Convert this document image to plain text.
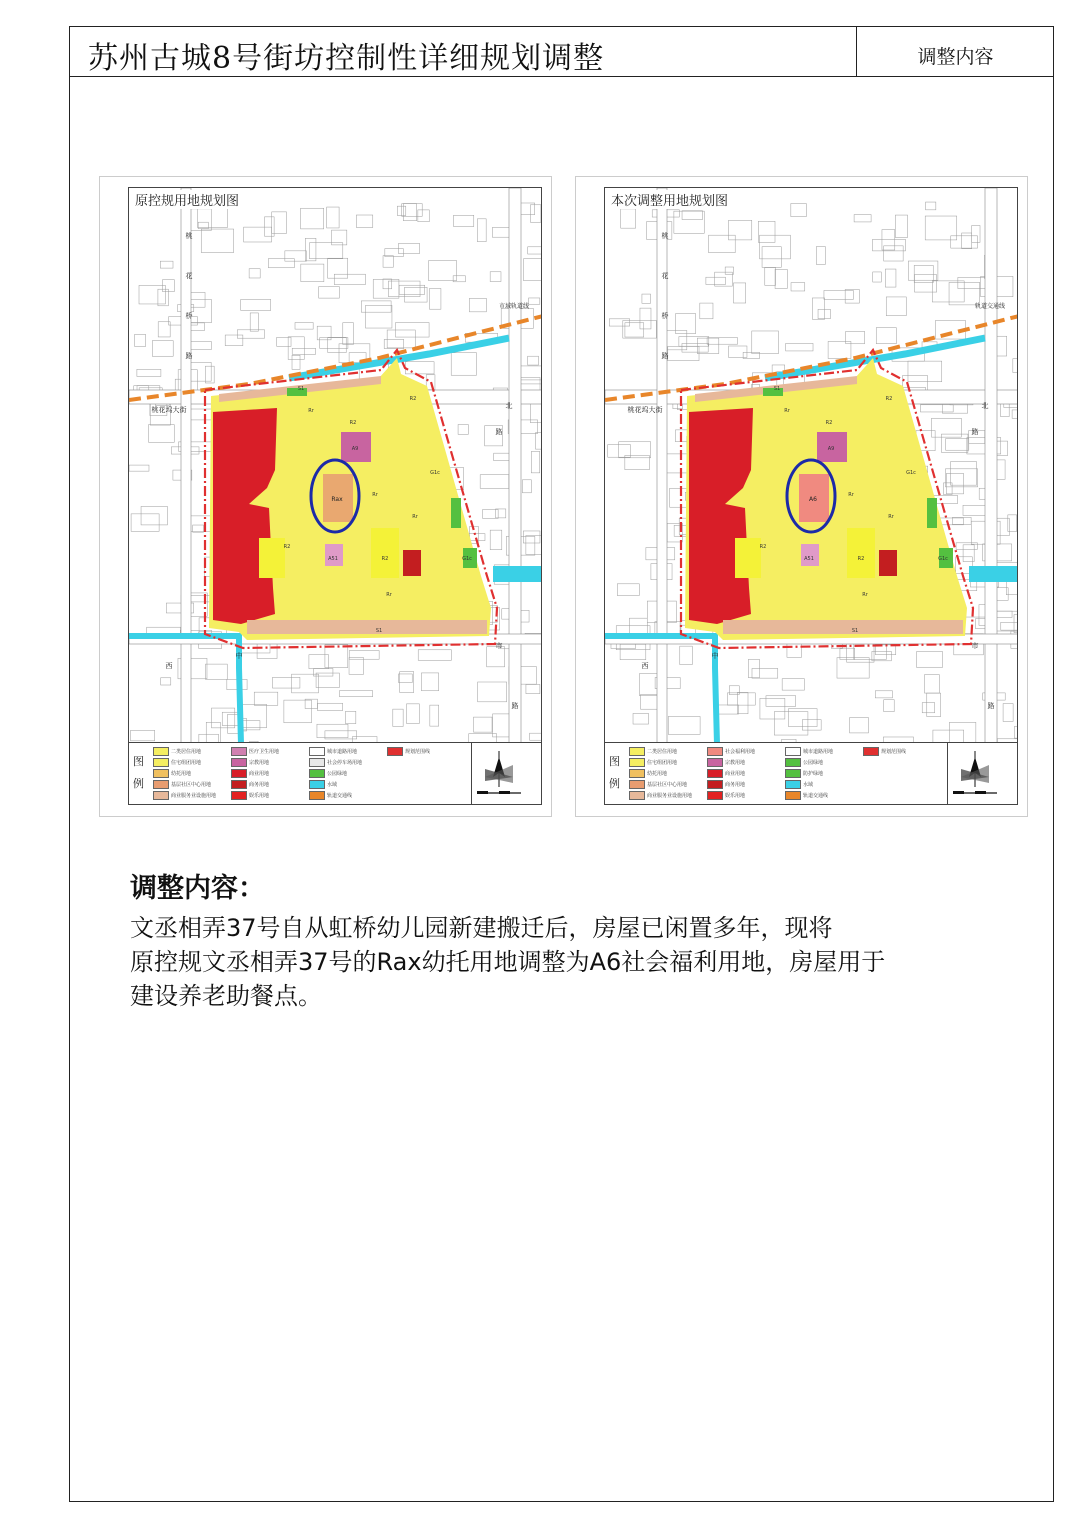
苏州古城8号街坊控制性详细规划调整	调整内容
原控规用地规划图
市域轨道线
Rax
R2
Rr
A9
R2
Rr
A51
R2
R2
Rr
Rr
G1c
S1
S1
G1c
桃
花
桥
路
桃花坞大街
西
中
市
路
北
路
图例
二类居住用地
住宅组团用地
幼托用地
基层社区中心用地
商业服务业设施用地
医疗卫生用地
宗教用地
商业用地
商务用地
娱乐用地
城市道路用地
社会停车场用地
公园绿地
水域
轨道交通线
规划范围线
本次调整用地规划图
轨道交通线
A6
R2
Rr
A9
R2
Rr
A51
R2
R2
Rr
Rr
G1c
S1
S1
G1c
桃
花
桥
路
桃花坞大街
西
中
市
路
北
路
图例
二类居住用地
住宅组团用地
幼托用地
基层社区中心用地
商业服务业设施用地
社会福利用地
宗教用地
商业用地
商务用地
娱乐用地
城市道路用地
公园绿地
防护绿地
水域
轨道交通线
规划范围线
调整内容：
文丞相弄37号自从虹桥幼儿园新建搬迁后，房屋已闲置多年，现将
原控规文丞相弄37号的Rax幼托用地调整为A6社会福利用地，房屋用于
建设养老助餐点。
